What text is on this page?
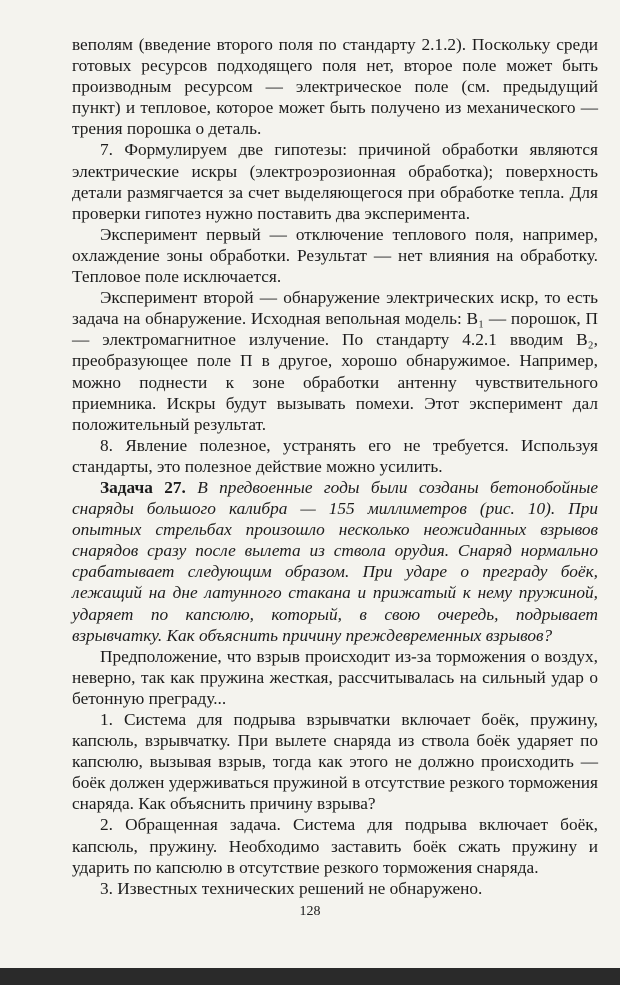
веполям (введение второго поля по стандарту 2.1.2). Поскольку среди готовых ресурсов подходящего поля нет, второе поле может быть производным ресурсом — электрическое поле (см. предыдущий пункт) и тепловое, которое может быть получено из механического — трения порошка о деталь.

7. Формулируем две гипотезы: причиной обработки являются электрические искры (электроэрозионная обработка); поверхность детали размягчается за счет выделяющегося при обработке тепла. Для проверки гипотез нужно поставить два эксперимента.

Эксперимент первый — отключение теплового поля, например, охлаждение зоны обработки. Результат — нет влияния на обработку. Тепловое поле исключается.

Эксперимент второй — обнаружение электрических искр, то есть задача на обнаружение. Исходная вепольная модель: В₁ — порошок, П — электромагнитное излучение. По стандарту 4.2.1 вводим В₂, преобразующее поле П в другое, хорошо обнаружимое. Например, можно поднести к зоне обработки антенну чувствительного приемника. Искры будут вызывать помехи. Этот эксперимент дал положительный результат.

8. Явление полезное, устранять его не требуется. Используя стандарты, это полезное действие можно усилить.

Задача 27. В предвоенные годы были созданы бетонобойные снаряды большого калибра — 155 миллиметров (рис. 10). При опытных стрельбах произошло несколько неожиданных взрывов снарядов сразу после вылета из ствола орудия. Снаряд нормально срабатывает следующим образом. При ударе о преграду боёк, лежащий на дне латунного стакана и прижатый к нему пружиной, ударяет по капсюлю, который, в свою очередь, подрывает взрывчатку. Как объяснить причину преждевременных взрывов?

Предположение, что взрыв происходит из-за торможения о воздух, неверно, так как пружина жесткая, рассчитывалась на сильный удар о бетонную преграду...

1. Система для подрыва взрывчатки включает боёк, пружину, капсюль, взрывчатку. При вылете снаряда из ствола боёк ударяет по капсюлю, вызывая взрыв, тогда как этого не должно происходить — боёк должен удерживаться пружиной в отсутствие резкого торможения снаряда. Как объяснить причину взрыва?

2. Обращенная задача. Система для подрыва включает боёк, капсюль, пружину. Необходимо заставить боёк сжать пружину и ударить по капсюлю в отсутствие резкого торможения снаряда.

3. Известных технических решений не обнаружено.

128
